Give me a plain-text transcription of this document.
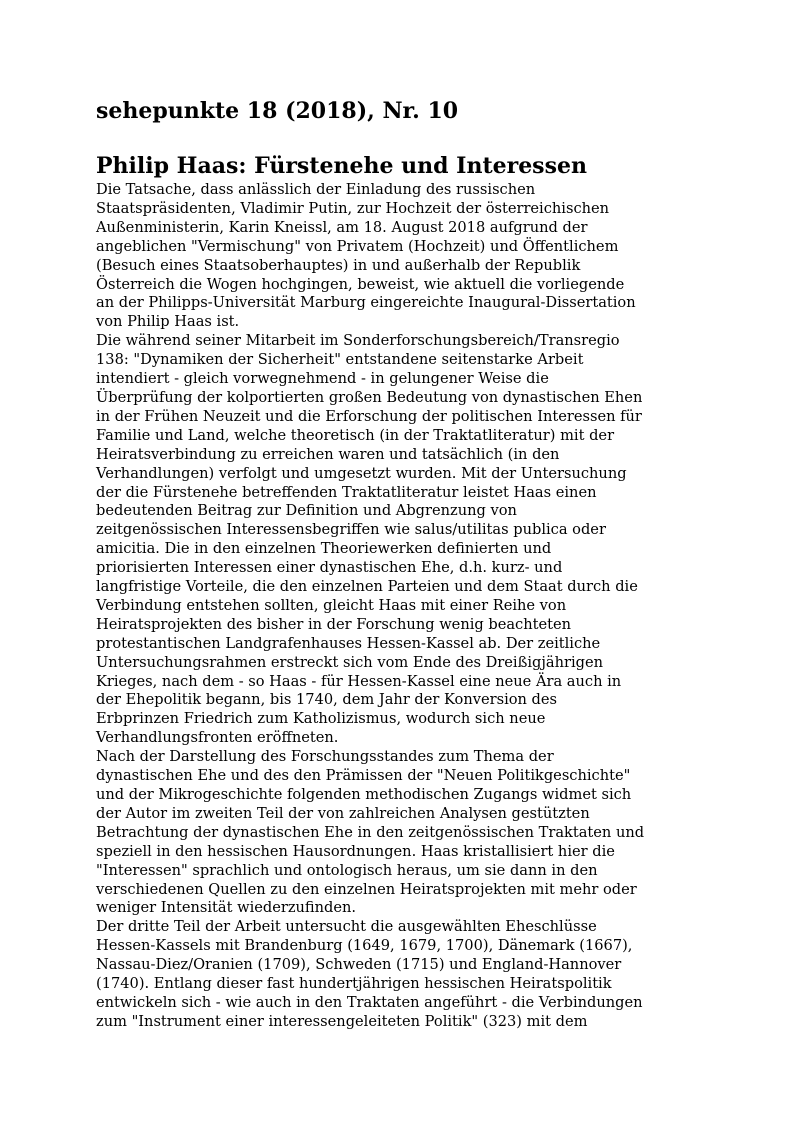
sehepunkte 18 (2018), Nr. 10
Philip Haas: Fürstenehe und Interessen

Die Tatsache, dass anlässlich der Einladung des russischen
Staatspräsidenten, Vladimir Putin, zur Hochzeit der österreichischen
Außenministerin, Karin Kneissl, am 18. August 2018 aufgrund der
angeblichen "Vermischung" von Privatem (Hochzeit) und Öffentlichem
(Besuch eines Staatsoberhauptes) in und außerhalb der Republik
Österreich die Wogen hochgingen, beweist, wie aktuell die vorliegende
an der Philipps-Universität Marburg eingereichte Inaugural-Dissertation
von Philip Haas ist.

Die während seiner Mitarbeit im Sonderforschungsbereich/Transregio
138: "Dynamiken der Sicherheit" entstandene seitenstarke Arbeit
intendiert - gleich vorwegnehmend - in gelungener Weise die
Überprüfung der kolportierten großen Bedeutung von dynastischen Ehen
in der Frühen Neuzeit und die Erforschung der politischen Interessen für
Familie und Land, welche theoretisch (in der Traktatliteratur) mit der
Heiratsverbindung zu erreichen waren und tatsächlich (in den
Verhandlungen) verfolgt und umgesetzt wurden. Mit der Untersuchung
der die Fürstenehe betreffenden Traktatliteratur leistet Haas einen
bedeutenden Beitrag zur Definition und Abgrenzung von
zeitgenössischen Interessensbegriffen wie salus/utilitas publica oder
amicitia. Die in den einzelnen Theoriewerken definierten und
priorisierten Interessen einer dynastischen Ehe, d.h. kurz- und
langfristige Vorteile, die den einzelnen Parteien und dem Staat durch die
Verbindung entstehen sollten, gleicht Haas mit einer Reihe von
Heiratsprojekten des bisher in der Forschung wenig beachteten
protestantischen Landgrafenhauses Hessen-Kassel ab. Der zeitliche
Untersuchungsrahmen erstreckt sich vom Ende des Dreißigjährigen
Krieges, nach dem - so Haas - für Hessen-Kassel eine neue Ära auch in
der Ehepolitik begann, bis 1740, dem Jahr der Konversion des
Erbprinzen Friedrich zum Katholizismus, wodurch sich neue
Verhandlungsfronten eröffneten.

Nach der Darstellung des Forschungsstandes zum Thema der
dynastischen Ehe und des den Prämissen der "Neuen Politikgeschichte"
und der Mikrogeschichte folgenden methodischen Zugangs widmet sich
der Autor im zweiten Teil der von zahlreichen Analysen gestützten
Betrachtung der dynastischen Ehe in den zeitgenössischen Traktaten und
speziell in den hessischen Hausordnungen. Haas kristallisiert hier die
"Interessen" sprachlich und ontologisch heraus, um sie dann in den
verschiedenen Quellen zu den einzelnen Heiratsprojekten mit mehr oder
weniger Intensität wiederzufinden.

Der dritte Teil der Arbeit untersucht die ausgewählten Eheschlüsse
Hessen-Kassels mit Brandenburg (1649, 1679, 1700), Dänemark (1667),
Nassau-Diez/Oranien (1709), Schweden (1715) und England-Hannover
(1740). Entlang dieser fast hundertjährigen hessischen Heiratspolitik
entwickeln sich - wie auch in den Traktaten angeführt - die Verbindungen
zum "Instrument einer interessengeleiteten Politik" (323) mit dem
